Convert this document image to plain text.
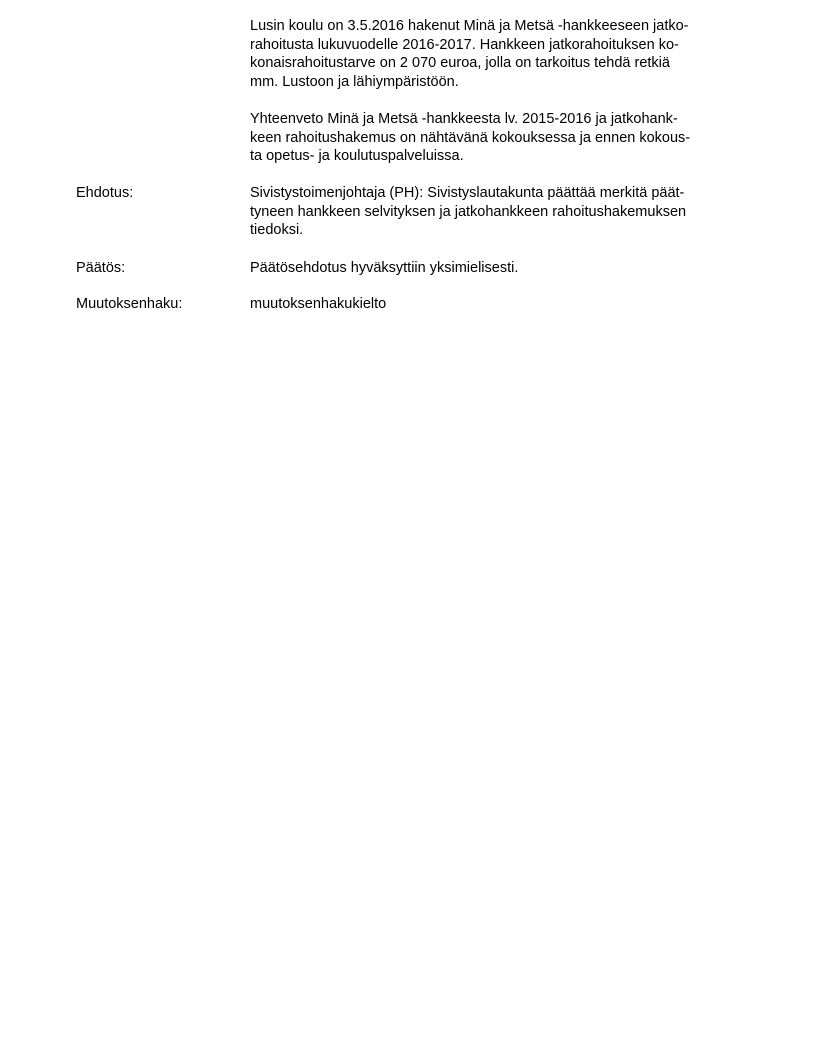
Lusin koulu on 3.5.2016 hakenut Minä ja Metsä -hankkeeseen jatko-
rahoitusta lukuvuodelle 2016-2017. Hankkeen jatkorahoituksen ko-
konaisrahoitustarve on 2 070 euroa, jolla on tarkoitus tehdä retkiä
mm. Lustoon ja lähiympäristöön.

Yhteenveto Minä ja Metsä -hankkeesta lv. 2015-2016 ja jatkohank-
keen rahoitushakemus on nähtävänä kokouksessa ja ennen kokous-
ta opetus- ja koulutuspalveluissa.

Ehdotus:	Sivistystoimenjohtaja (PH): Sivistyslautakunta päättää merkitä päät-
tyneen hankkeen selvityksen ja jatkohankkeen rahoitushakemuksen
tiedoksi.

Päätös:	Päätösehdotus hyväksyttiin yksimielisesti.

Muutoksenhaku:	muutoksenhakukielto
